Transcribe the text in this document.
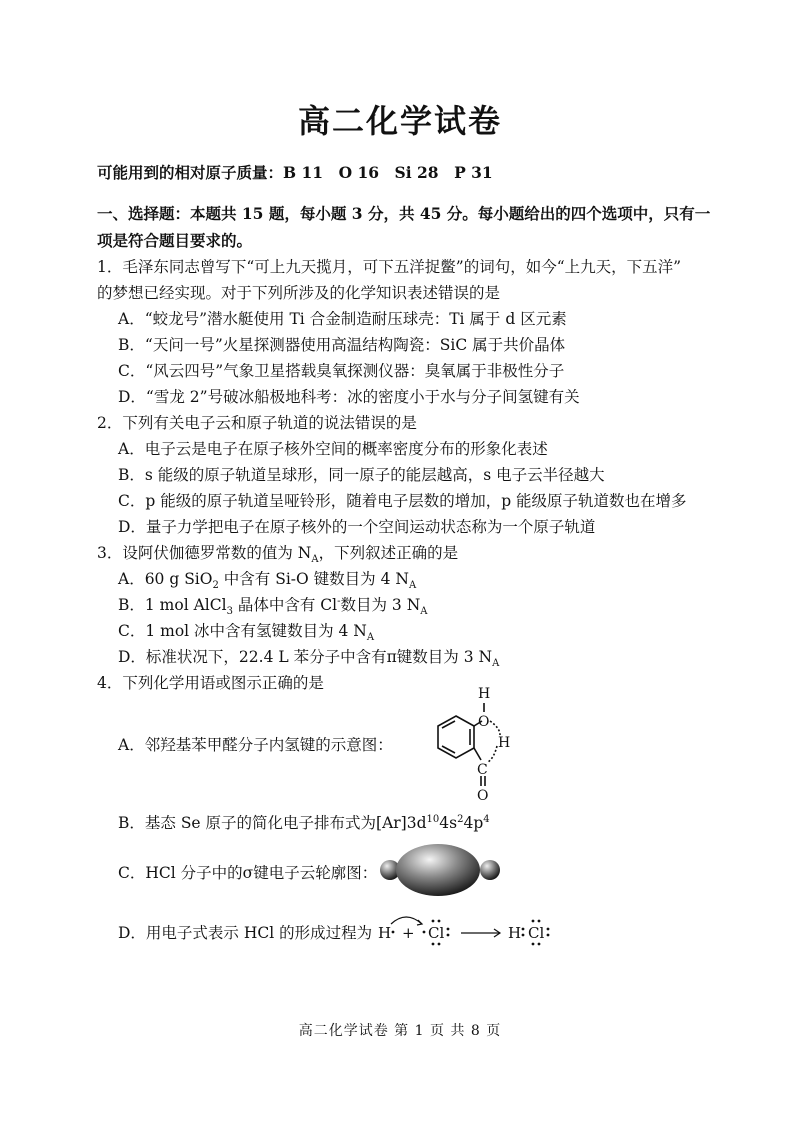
高二化学试卷
可能用到的相对原子质量：B 11　O 16　Si 28　P 31
一、选择题：本题共 15 题，每小题 3 分，共 45 分。每小题给出的四个选项中，只有一
项是符合题目要求的。
1．毛泽东同志曾写下“可上九天揽月，可下五洋捉鳖”的词句，如今“上九天，下五洋”
的梦想已经实现。对于下列所涉及的化学知识表述错误的是
A．“蛟龙号”潜水艇使用 Ti 合金制造耐压球壳：Ti 属于 d 区元素
B．“天问一号”火星探测器使用高温结构陶瓷：SiC 属于共价晶体
C．“风云四号”气象卫星搭载臭氧探测仪器：臭氧属于非极性分子
D．“雪龙 2”号破冰船极地科考：冰的密度小于水与分子间氢键有关
2．下列有关电子云和原子轨道的说法错误的是
A．电子云是电子在原子核外空间的概率密度分布的形象化表述
B．s 能级的原子轨道呈球形，同一原子的能层越高，s 电子云半径越大
C．p 能级的原子轨道呈哑铃形，随着电子层数的增加，p 能级原子轨道数也在增多
D．量子力学把电子在原子核外的一个空间运动状态称为一个原子轨道
3．设阿伏伽德罗常数的值为 $N_A$，下列叙述正确的是
A．60 g SiO$_2$ 中含有 Si-O 键数目为 4 $N_A$
B．1 mol AlCl$_3$ 晶体中含有 Cl-数目为 3 $N_A$
C．1 mol 冰中含有氢键数目为 4 $N_A$
D．标准状况下，22.4 L 苯分子中含有π键数目为 3 $N_A$
4．下列化学用语或图示正确的是
A．邻羟基苯甲醛分子内氢键的示意图：
H
O
H
C
O
B．基态 Se 原子的简化电子排布式为$[Ar]3d^{10}4s^24p^4$
C．HCl 分子中的σ键电子云轮廓图：
D．用电子式表示 HCl 的形成过程为 H + Cl	H Cl
高二化学试卷 第 1 页 共 8 页
